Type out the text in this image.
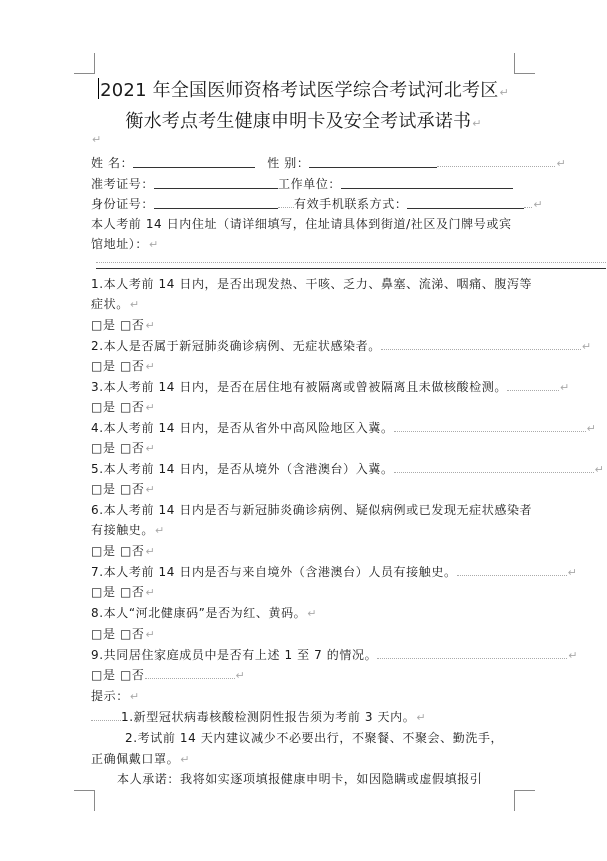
2021 年全国医师资格考试医学综合考试河北考区↵
衡水考点考生健康申明卡及安全考试承诺书↵
↵
姓 名：	性 别：	↵
准考证号：	工作单位：
身份证号：	有效手机联系方式：	↵
本人考前 14 日内住址（请详细填写，住址请具体到街道/社区及门牌号或宾
馆地址）：↵
1.本人考前 14 日内，是否出现发热、干咳、乏力、鼻塞、流涕、咽痛、腹泻等
症状。↵
□是 □否↵
2.本人是否属于新冠肺炎确诊病例、无症状感染者。	↵
□是 □否↵
3.本人考前 14 日内，是否在居住地有被隔离或曾被隔离且未做核酸检测。	↵
□是 □否↵
4.本人考前 14 日内，是否从省外中高风险地区入冀。	↵
□是 □否↵
5.本人考前 14 日内，是否从境外（含港澳台）入冀。	↵
□是 □否↵
6.本人考前 14 日内是否与新冠肺炎确诊病例、疑似病例或已发现无症状感染者
有接触史。↵
□是 □否↵
7.本人考前 14 日内是否与来自境外（含港澳台）人员有接触史。	↵
□是 □否↵
8.本人“河北健康码”是否为红、黄码。↵
□是 □否↵
9.共同居住家庭成员中是否有上述 1 至 7 的情况。	↵
□是 □否	↵
提示：↵
1.新型冠状病毒核酸检测阴性报告须为考前 3 天内。↵
2.考试前 14 天内建议减少不必要出行，不聚餐、不聚会、勤洗手，
正确佩戴口罩。↵
本人承诺：我将如实逐项填报健康申明卡，如因隐瞒或虚假填报引
